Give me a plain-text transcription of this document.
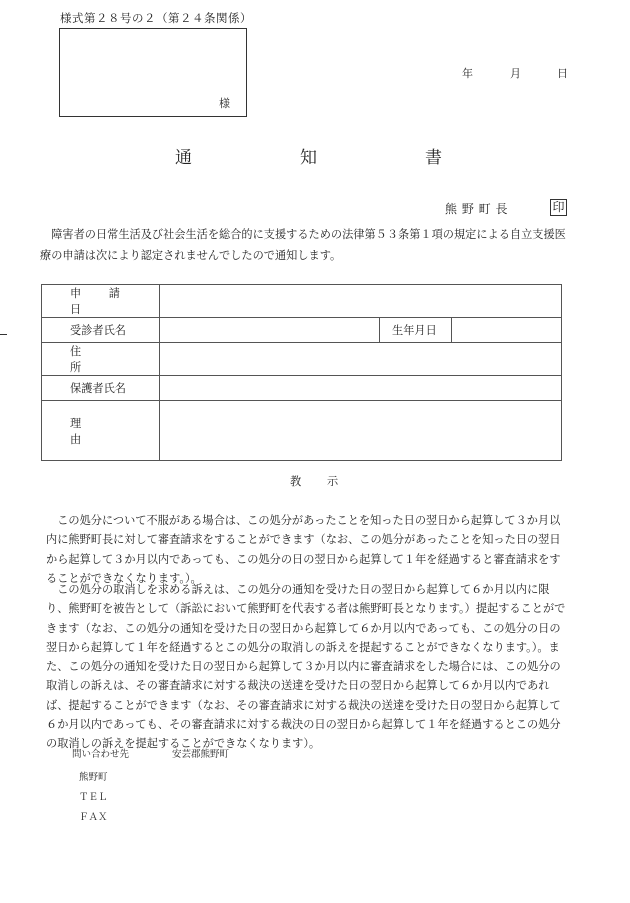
様式第２８号の２（第２４条関係）
様
年	月	日
通	知	書
熊 野 町 長	印

障害者の日常生活及び社会生活を総合的に支援するための法律第５３条第１項の規定による自立支援医療の申請は次により認定されませんでしたので通知します。

申 請 日			
受診者氏名		生年月日	
住 所			
保護者氏名			
理 由			
教 示

この処分について不服がある場合は、この処分があったことを知った日の翌日から起算して３か月以内に熊野町長に対して審査請求をすることができます（なお、この処分があったことを知った日の翌日から起算して３か月以内であっても、この処分の日の翌日から起算して１年を経過すると審査請求をすることができなくなります。）。

この処分の取消しを求める訴えは、この処分の通知を受けた日の翌日から起算して６か月以内に限り、熊野町を被告として（訴訟において熊野町を代表する者は熊野町長となります。）提起することができます（なお、この処分の通知を受けた日の翌日から起算して６か月以内であっても、この処分の日の翌日から起算して１年を経過するとこの処分の取消しの訴えを提起することができなくなります。）。また、この処分の通知を受けた日の翌日から起算して３か月以内に審査請求をした場合には、この処分の取消しの訴えは、その審査請求に対する裁決の送達を受けた日の翌日から起算して６か月以内であれば、提起することができます（なお、その審査請求に対する裁決の送達を受けた日の翌日から起算して６か月以内であっても、その審査請求に対する裁決の日の翌日から起算して１年を経過するとこの処分の取消しの訴えを提起することができなくなります）。

問い合わせ先	安芸郡熊野町
熊野町
ＴＥＬ
ＦＡＸ
